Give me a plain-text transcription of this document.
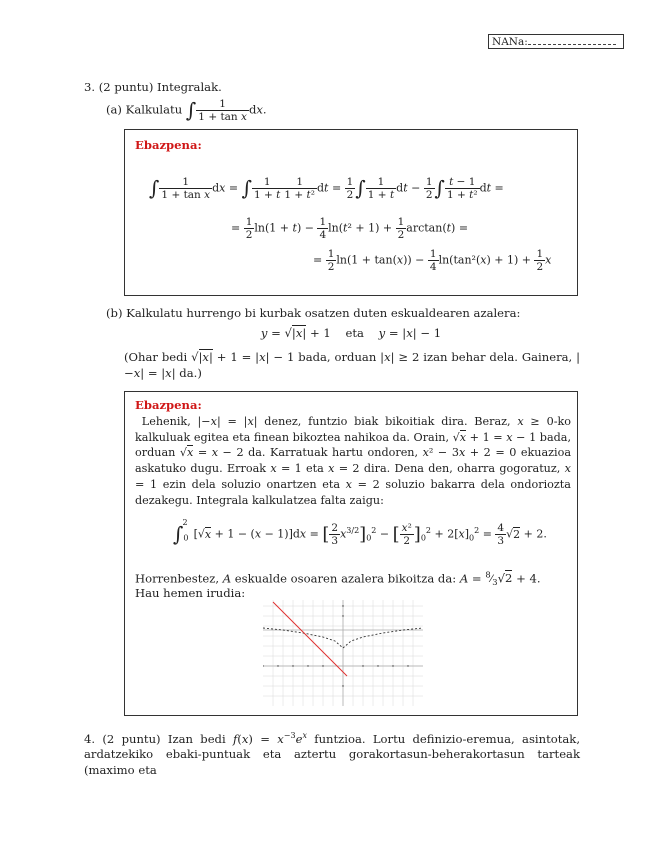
NANa:
3. (2 puntu) Integralak.
(a) Kalkulatu ∫ $\frac{1}{\text{1 + tan x}}$ dx.
Ebazpena:
∫ $\frac{1}{\text{1 + tan x}}$ dx = ∫ $\frac{1}{1 + t} \frac{1}{\text{1 + t²}}$ dt = $\frac{1}{2}$ ∫ $\frac{1}{1 + t}$ dt − $\frac{1}{2}$ ∫ $\frac{t - 1}{\text{1 + t²}}$ dt =
= $\frac{1}{2} \ln(1 + t) - \frac{1}{4} \ln(t^2 + 1) + \frac{1}{2} \arctan(t)$ =
= $\frac{1}{2} \ln(1 + \tan(x)) - \frac{1}{4} \ln(\tan^2(x) + 1) + \frac{1}{2}$ x
(b) Kalkulatu hurrengo bi kurbak osatzen duten eskualdearen azalera:
y = √|x| + 1    eta    y = |x| − 1
(Ohar bedi √|x| + 1 = |x| − 1 bada, orduan |x| ≥ 2 izan behar dela. Gainera, |−x| = |x| da.)
Ebazpena:
Lehenik, |−x| = |x| denez, funtzio biak bikoitiak dira. Beraz, x ≥ 0-ko kalkuluak egitea eta finean bikoztea nahikoa da. Orain, √x + 1 = x − 1 bada, orduan √x = x − 2 da. Karratuak hartu ondoren, x² − 3x + 2 = 0 ekuazioa askatuko dugu. Erroak x = 1 eta x = 2 dira. Dena den, oharra gogoratuz, x = 1 ezin dela soluzio onartzen eta x = 2 soluzio bakarra dela ondoriozta dezakegu. Integrala kalkulatzea falta zaigu:
$\int_0^2[√x + 1 - (x - 1)]dx$ = [ $\frac{2}{3} x^{3/2}]_0^2$ − [ $\frac{\text{x²}}{2} ]_0^2 + 2[x]_0^2 = \frac{4}{3} √2 + 2$.
Horrenbestez, A eskualde osoaren azalera bikoitza da: $A = ^8⁄_3√2 + 4$.
Hau hemen irudia:
4. (2 puntu) Izan bedi $f(x) = x^{-3}e^x$ funtzioa. Lortu definizio-eremua, asintotak, ardatzekiko ebaki-puntuak eta aztertu gorakortasun-beherakortasun tarteak (maximo eta
